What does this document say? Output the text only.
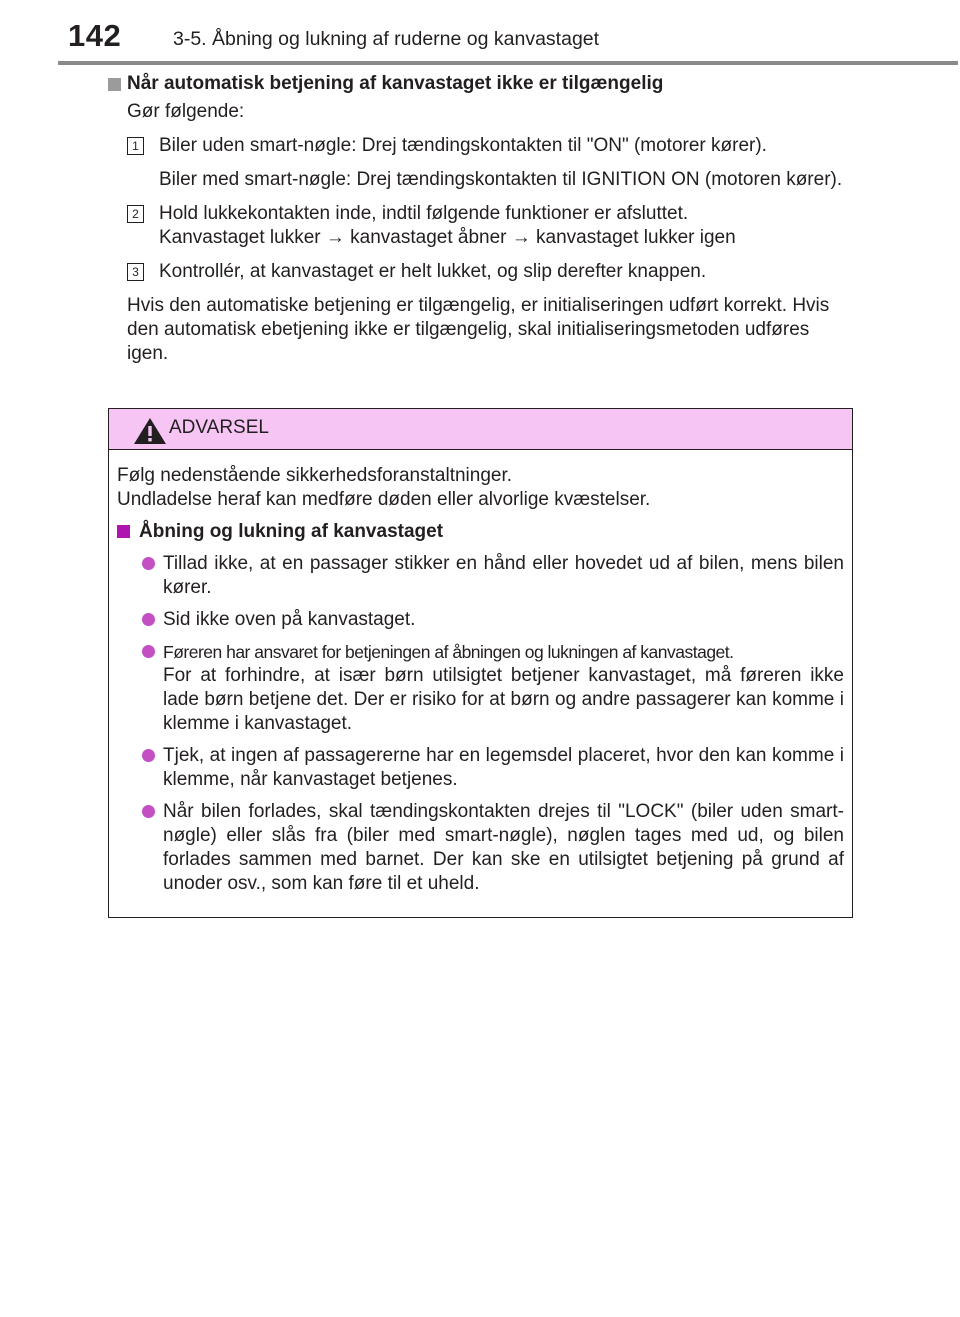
142	3-5. Åbning og lukning af ruderne og kanvastaget
Når automatisk betjening af kanvastaget ikke er tilgængelig
Gør følgende:
1 Biler uden smart-nøgle: Drej tændingskontakten til "ON" (motorer kører).
Biler med smart-nøgle: Drej tændingskontakten til IGNITION ON (motoren kører).
2 Hold lukkekontakten inde, indtil følgende funktioner er afsluttet.
Kanvastaget lukker → kanvastaget åbner → kanvastaget lukker igen
3 Kontrollér, at kanvastaget er helt lukket, og slip derefter knappen.
Hvis den automatiske betjening er tilgængelig, er initialiseringen udført korrekt. Hvis den automatisk ebetjening ikke er tilgængelig, skal initialiseringsmetoden udføres igen.
ADVARSEL
Følg nedenstående sikkerhedsforanstaltninger.
Undladelse heraf kan medføre døden eller alvorlige kvæstelser.
Åbning og lukning af kanvastaget
Tillad ikke, at en passager stikker en hånd eller hovedet ud af bilen, mens bilen kører.
Sid ikke oven på kanvastaget.
Føreren har ansvaret for betjeningen af åbningen og lukningen af kanvastaget.
For at forhindre, at især børn utilsigtet betjener kanvastaget, må føreren ikke lade børn betjene det. Der er risiko for at børn og andre passagerer kan komme i klemme i kanvastaget.
Tjek, at ingen af passagererne har en legemsdel placeret, hvor den kan komme i klemme, når kanvastaget betjenes.
Når bilen forlades, skal tændingskontakten drejes til "LOCK" (biler uden smart-nøgle) eller slås fra (biler med smart-nøgle), nøglen tages med ud, og bilen forlades sammen med barnet. Der kan ske en utilsigtet betjening på grund af unoder osv., som kan føre til et uheld.
